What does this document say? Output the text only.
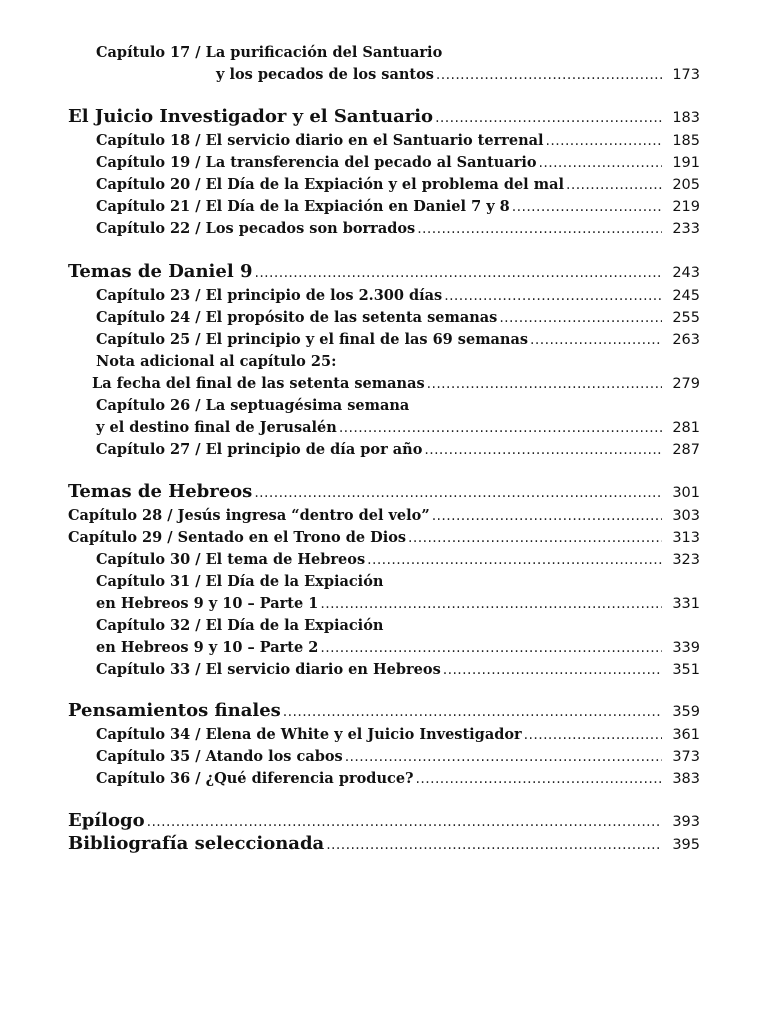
Capítulo 17 / La purificación del Santuario
y los pecados de los santos .....	173
El Juicio Investigador y el Santuario .....	183
Capítulo 18 / El servicio diario en el Santuario terrenal .....	185
Capítulo 19 / La transferencia del pecado al Santuario .....	191
Capítulo 20 / El Día de la Expiación y el problema del mal .....	205
Capítulo 21 / El Día de la Expiación en Daniel 7 y 8 .....	219
Capítulo 22 / Los pecados son borrados .....	233
Temas de Daniel 9 .....	243
Capítulo 23 / El principio de los 2.300 días .....	245
Capítulo 24 / El propósito de las setenta semanas .....	255
Capítulo 25 / El principio y el final de las 69 semanas .....	263
Nota adicional al capítulo 25:
La fecha del final de las setenta semanas .....	279
Capítulo 26 / La septuagésima semana
y el destino final de Jerusalén .....	281
Capítulo 27 / El principio de día por año .....	287
Temas de Hebreos .....	301
Capítulo 28 / Jesús ingresa “dentro del velo” .....	303
Capítulo 29 / Sentado en el Trono de Dios .....	313
Capítulo 30 / El tema de Hebreos .....	323
Capítulo 31 / El Día de la Expiación
en Hebreos 9 y 10 – Parte 1 .....	331
Capítulo 32 / El Día de la Expiación
en Hebreos 9 y 10 – Parte 2 .....	339
Capítulo 33 / El servicio diario en Hebreos .....	351
Pensamientos finales .....	359
Capítulo 34 / Elena de White y el Juicio Investigador .....	361
Capítulo 35 / Atando los cabos .....	373
Capítulo 36 / ¿Qué diferencia produce? .....	383
Epílogo .....	393
Bibliografía seleccionada .....	395
